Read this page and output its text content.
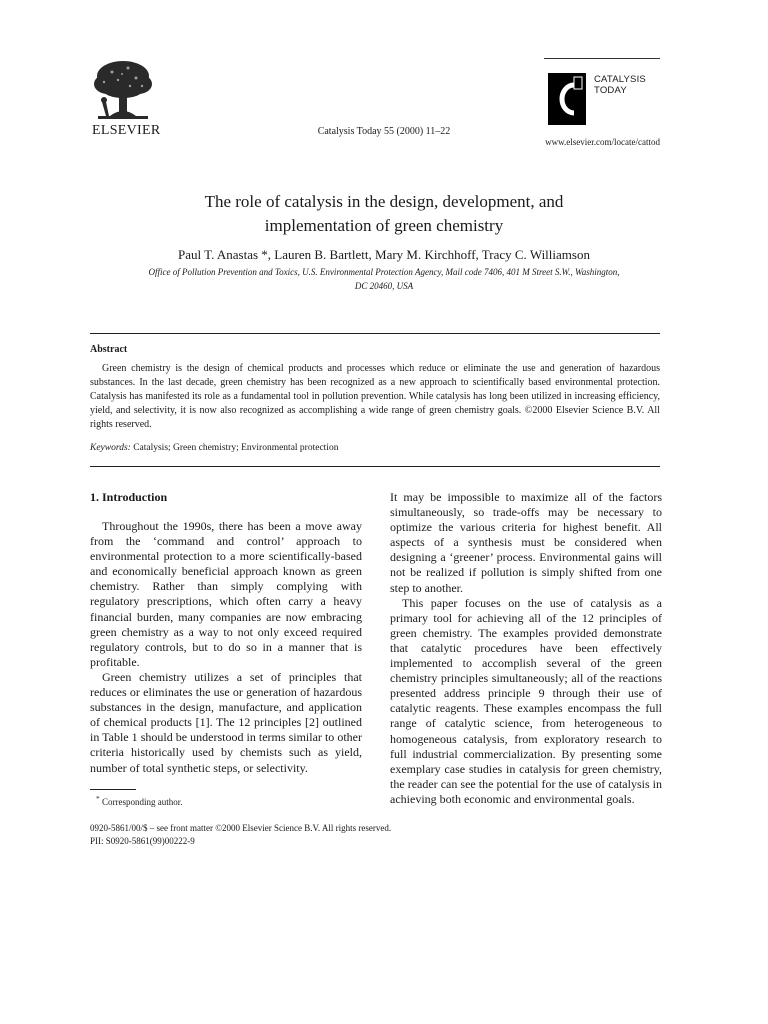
ELSEVIER	Catalysis Today 55 (2000) 11–22
CATALYSIS
TODAY
www.elsevier.com/locate/cattod
The role of catalysis in the design, development, and
implementation of green chemistry
Paul T. Anastas *, Lauren B. Bartlett, Mary M. Kirchhoff, Tracy C. Williamson
Office of Pollution Prevention and Toxics, U.S. Environmental Protection Agency, Mail code 7406, 401 M Street S.W., Washington,
DC 20460, USA
Abstract

Green chemistry is the design of chemical products and processes which reduce or eliminate the use and generation of hazardous substances. In the last decade, green chemistry has been recognized as a new approach to scientifically based environmental protection. Catalysis has manifested its role as a fundamental tool in pollution prevention. While catalysis has long been utilized in increasing efficiency, yield, and selectivity, it is now also recognized as accomplishing a wide range of green chemistry goals. ©2000 Elsevier Science B.V. All rights reserved.

Keywords: Catalysis; Green chemistry; Environmental protection
1. Introduction

Throughout the 1990s, there has been a move away from the ‘command and control’ approach to environmental protection to a more scientifically-based and economically beneficial approach known as green chemistry. Rather than simply complying with regulatory prescriptions, which often carry a heavy financial burden, many companies are now embracing green chemistry as a way to not only exceed required regulatory controls, but to do so in a manner that is profitable.

Green chemistry utilizes a set of principles that reduces or eliminates the use or generation of hazardous substances in the design, manufacture, and application of chemical products [1]. The 12 principles [2] outlined in Table 1 should be understood in terms similar to other criteria historically used by chemists such as yield, number of total synthetic steps, or selectivity.

It may be impossible to maximize all of the factors simultaneously, so trade-offs may be necessary to optimize the various criteria for highest benefit. All aspects of a synthesis must be considered when designing a ‘greener’ process. Environmental gains will not be realized if pollution is simply shifted from one step to another.

This paper focuses on the use of catalysis as a primary tool for achieving all of the 12 principles of green chemistry. The examples provided demonstrate that catalytic procedures have been effectively implemented to accomplish several of the green chemistry principles simultaneously; all of the reactions presented address principle 9 through their use of catalytic reagents. These examples encompass the full range of catalytic science, from heterogeneous to homogeneous catalysis, from exploratory research to full industrial commercialization. By presenting some exemplary case studies in catalysis for green chemistry, the reader can see the potential for the use of catalysis in achieving both economic and environmental goals.

* Corresponding author.
0920-5861/00/$ – see front matter ©2000 Elsevier Science B.V. All rights reserved.
PII: S0920-5861(99)00222-9
